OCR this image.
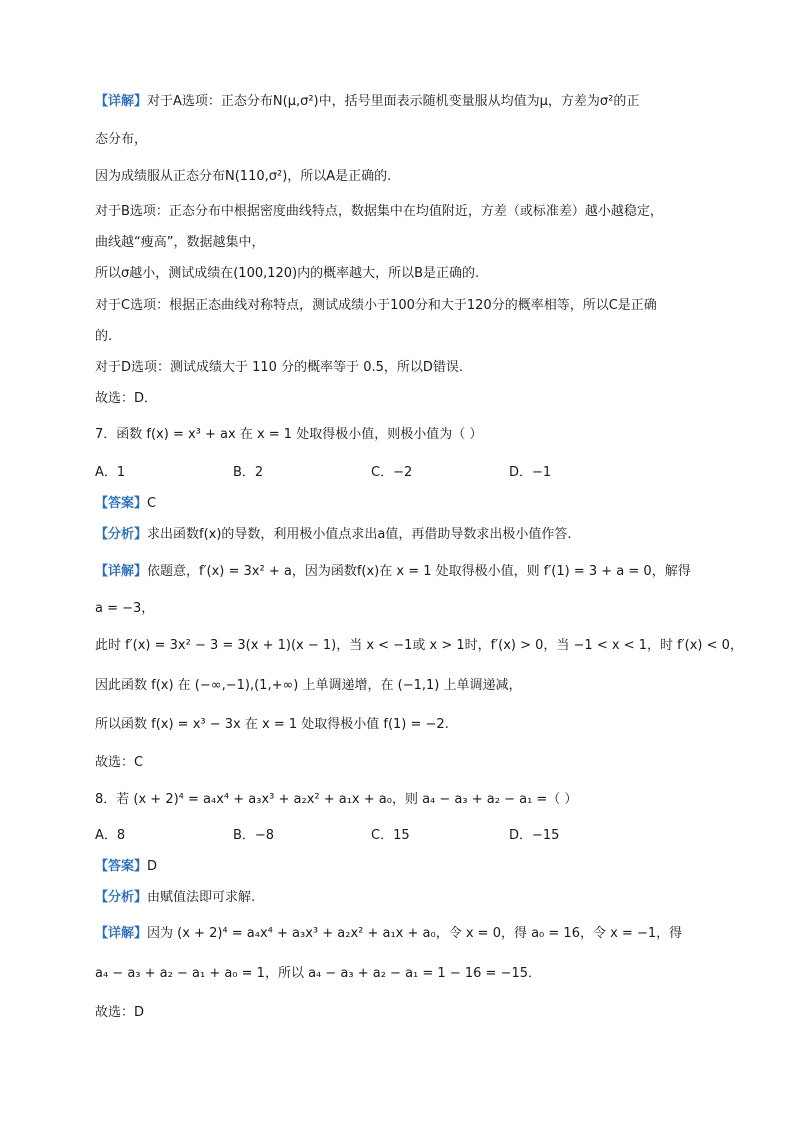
【详解】对于A选项：正态分布N(μ,σ²)中，括号里面表示随机变量服从均值为μ，方差为σ²的正
态分布，
因为成绩服从正态分布N(110,σ²)，所以A是正确的.
对于B选项：正态分布中根据密度曲线特点，数据集中在均值附近，方差（或标准差）越小越稳定，
曲线越“瘦高”，数据越集中，
所以σ越小，测试成绩在(100,120)内的概率越大，所以B是正确的.
对于C选项：根据正态曲线对称特点，测试成绩小于100分和大于120分的概率相等，所以C是正确
的.
对于D选项：测试成绩大于 110 分的概率等于 0.5，所以D错误.
故选：D．
7．函数 f(x) = x³ + ax 在 x = 1 处取得极小值，则极小值为（ ）
A．1	B．2	C．−2	D．−1
【答案】C
【分析】求出函数f(x)的导数，利用极小值点求出a值，再借助导数求出极小值作答.
【详解】依题意，f′(x) = 3x² + a，因为函数f(x)在 x = 1 处取得极小值，则 f′(1) = 3 + a = 0，解得
a = −3，
此时 f′(x) = 3x² − 3 = 3(x + 1)(x − 1)，当 x < −1或 x > 1时，f′(x) > 0，当 −1 < x < 1，时 f′(x) < 0，
因此函数 f(x) 在 (−∞,−1),(1,+∞) 上单调递增，在 (−1,1) 上单调递减，
所以函数 f(x) = x³ − 3x 在 x = 1 处取得极小值 f(1) = −2.
故选：C
8．若 (x + 2)⁴ = a₄x⁴ + a₃x³ + a₂x² + a₁x + a₀，则 a₄ − a₃ + a₂ − a₁ =（ ）
A．8	B．−8	C．15	D．−15
【答案】D
【分析】由赋值法即可求解.
【详解】因为 (x + 2)⁴ = a₄x⁴ + a₃x³ + a₂x² + a₁x + a₀，令 x = 0，得 a₀ = 16，令 x = −1，得
a₄ − a₃ + a₂ − a₁ + a₀ = 1，所以 a₄ − a₃ + a₂ − a₁ = 1 − 16 = −15．
故选：D
